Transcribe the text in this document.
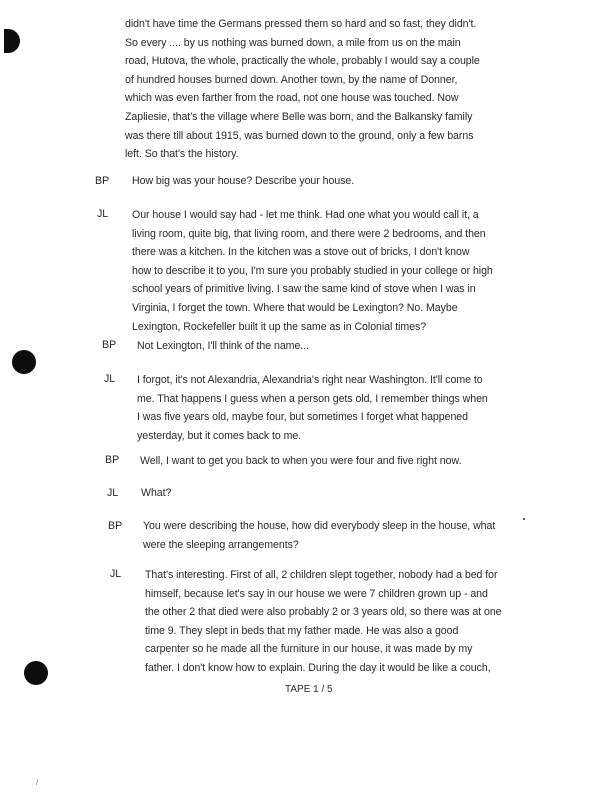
didn't have time the Germans pressed them so hard and so fast, they didn't.
So every .... by us nothing was burned down, a mile from us on the main
road, Hutova, the whole, practically the whole, probably I would say a couple
of hundred houses burned down. Another town, by the name of Donner,
which was even farther from the road, not one house was touched. Now
Zapliesie, that's the village where Belle was born, and the Balkansky family
was there till about 1915, was burned down to the ground, only a few barns
left. So that's the history.
BP How big was your house? Describe your house.
JL Our house I would say had - let me think. Had one what you would call it, a
living room, quite big, that living room, and there were 2 bedrooms, and then
there was a kitchen. In the kitchen was a stove out of bricks, I don't know
how to describe it to you, I'm sure you probably studied in your college or high
school years of primitive living. I saw the same kind of stove when I was in
Virginia, I forget the town. Where that would be Lexington? No. Maybe
Lexington, Rockefeller built it up the same as in Colonial times?
BP Not Lexington, I'll think of the name...
JL I forgot, it's not Alexandria, Alexandria's right near Washington. It'll come to
me. That happens I guess when a person gets old, I remember things when
I was five years old, maybe four, but sometimes I forget what happened
yesterday, but it comes back to me.
BP Well, I want to get you back to when you were four and five right now.
JL What?
BP You were describing the house, how did everybody sleep in the house, what
were the sleeping arrangements?
JL That's interesting. First of all, 2 children slept together, nobody had a bed for
himself, because let's say in our house we were 7 children grown up - and
the other 2 that died were also probably 2 or 3 years old, so there was at one
time 9. They slept in beds that my father made. He was also a good
carpenter so he made all the furniture in our house, it was made by my
father. I don't know how to explain. During the day it would be like a couch,
TAPE 1 / 5
/
